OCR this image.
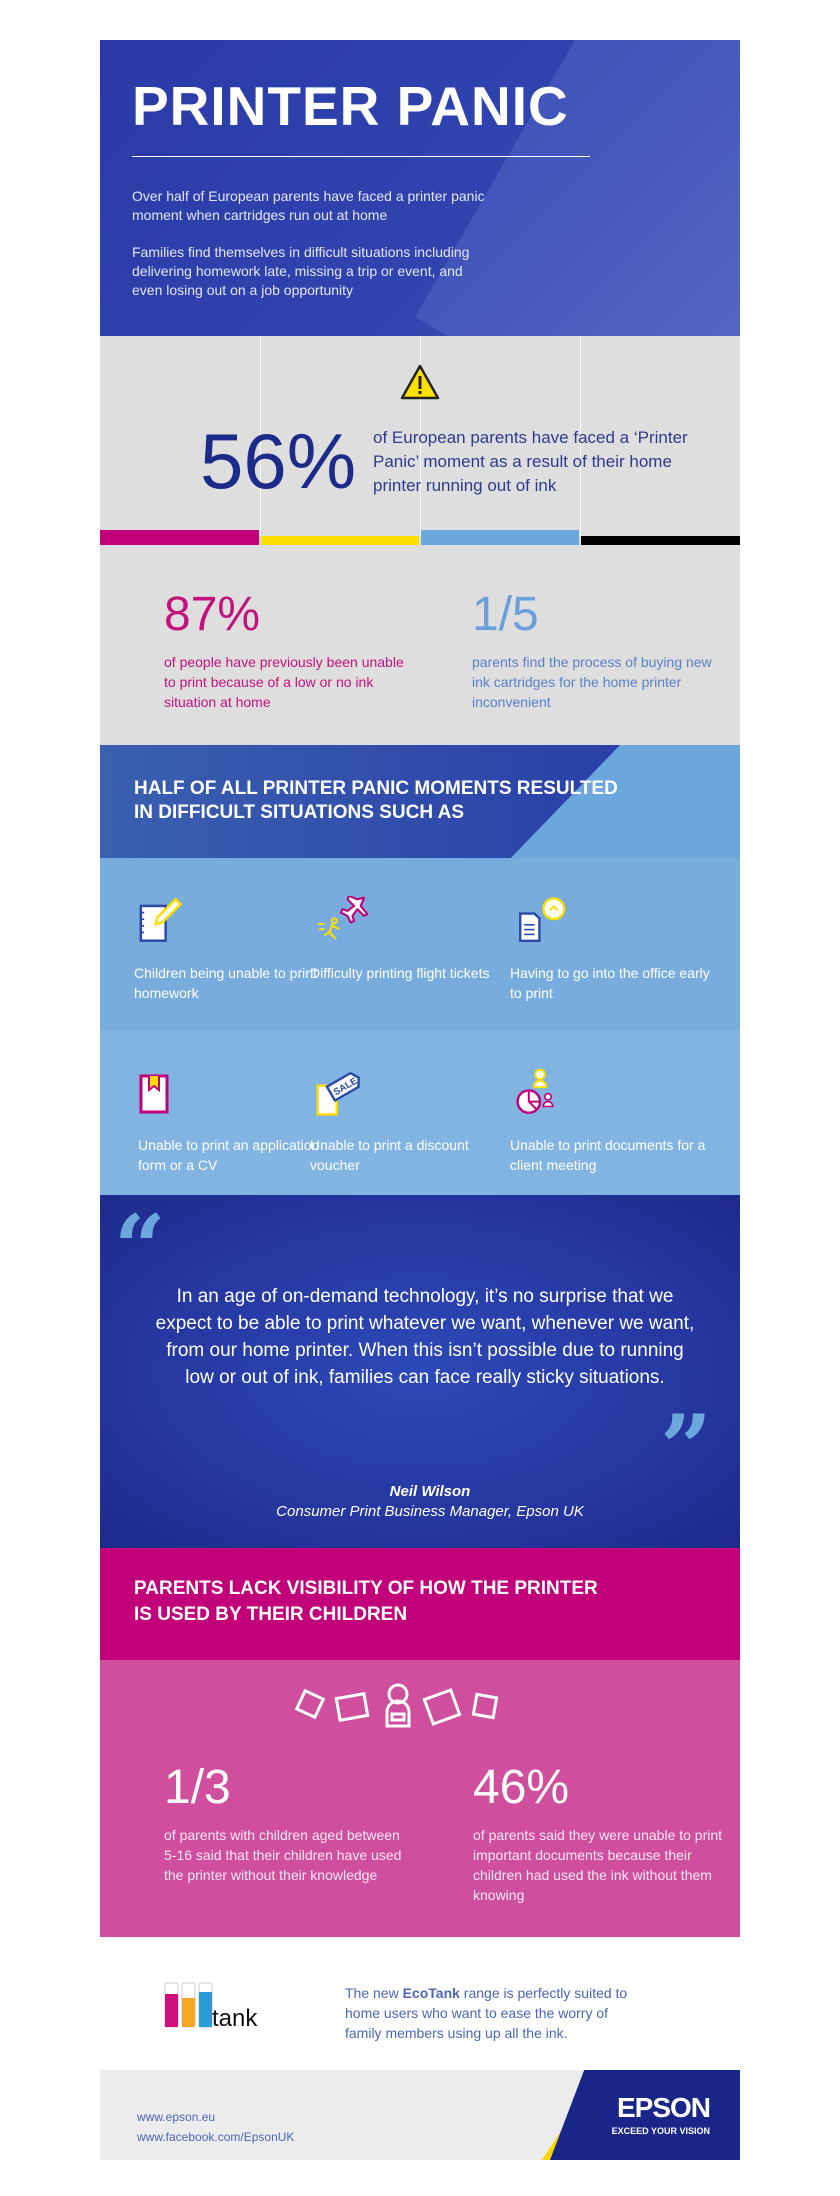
PRINTER PANIC

Over half of European parents have faced a printer panic moment when cartridges run out at home

Families find themselves in difficult situations including delivering homework late, missing a trip or event, and even losing out on a job opportunity

56% of European parents have faced a ‘Printer Panic’ moment as a result of their home printer running out of ink
87%
of people have previously been unable to print because of a low or no ink situation at home
1/5
parents find the process of buying new ink cartridges for the home printer inconvenient
HALF OF ALL PRINTER PANIC MOMENTS RESULTED IN DIFFICULT SITUATIONS SUCH AS
Children being unable to print homework
Difficulty printing flight tickets	Having to go into the office early to print
Unable to print an application form or a CV
SALE
Unable to print a discount voucher
Unable to print documents for a client meeting
“ In an age of on-demand technology, it’s no surprise that we expect to be able to print whatever we want, whenever we want, from our home printer. When this isn’t possible due to running low or out of ink, families can face really sticky situations.
”
Neil Wilson
Consumer Print Business Manager, Epson UK
PARENTS LACK VISIBILITY OF HOW THE PRINTER IS USED BY THEIR CHILDREN
1/3
of parents with children aged between 5-16 said that their children have used the printer without their knowledge
46%
of parents said they were unable to print important documents because their children had used the ink without them knowing
tank

The new EcoTank range is perfectly suited to home users who want to ease the worry of family members using up all the ink.

www.epson.eu
www.facebook.com/EpsonUK
EPSON
EXCEED YOUR VISION
